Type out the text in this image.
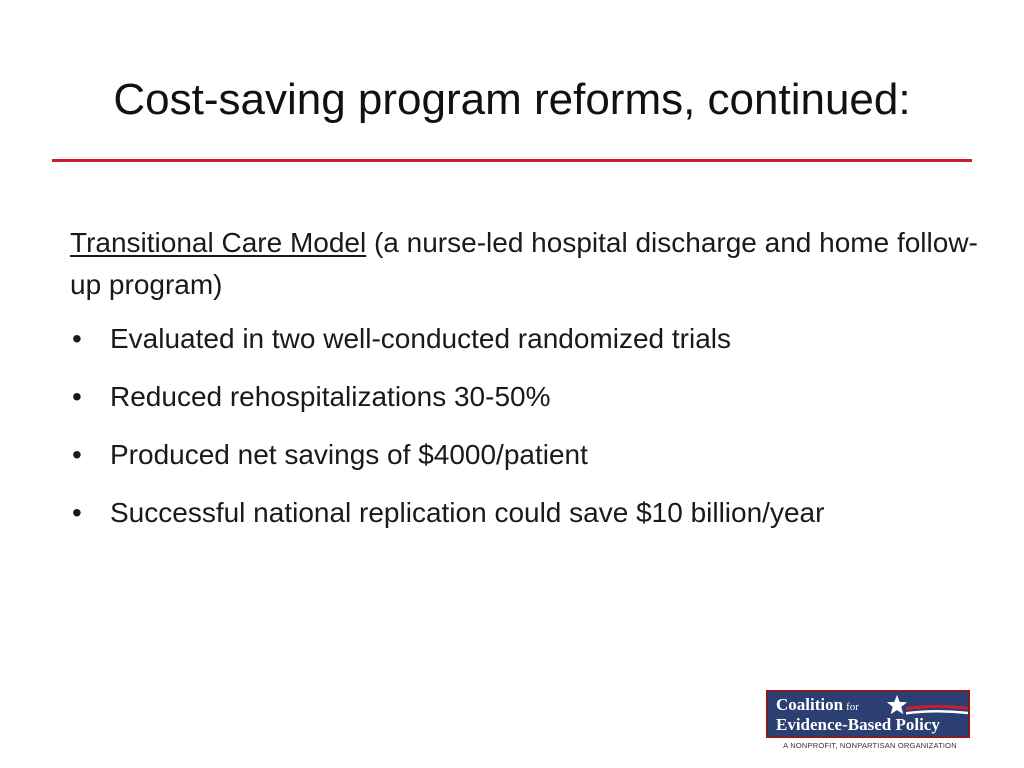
Cost-saving program reforms, continued:
Transitional Care Model (a nurse-led hospital discharge and home follow-up program)
• Evaluated in two well-conducted randomized trials
• Reduced rehospitalizations 30-50%
• Produced net savings of $4000/patient
• Successful national replication could save $10 billion/year
Coalition for
Evidence-Based Policy
A NONPROFIT, NONPARTISAN ORGANIZATION
